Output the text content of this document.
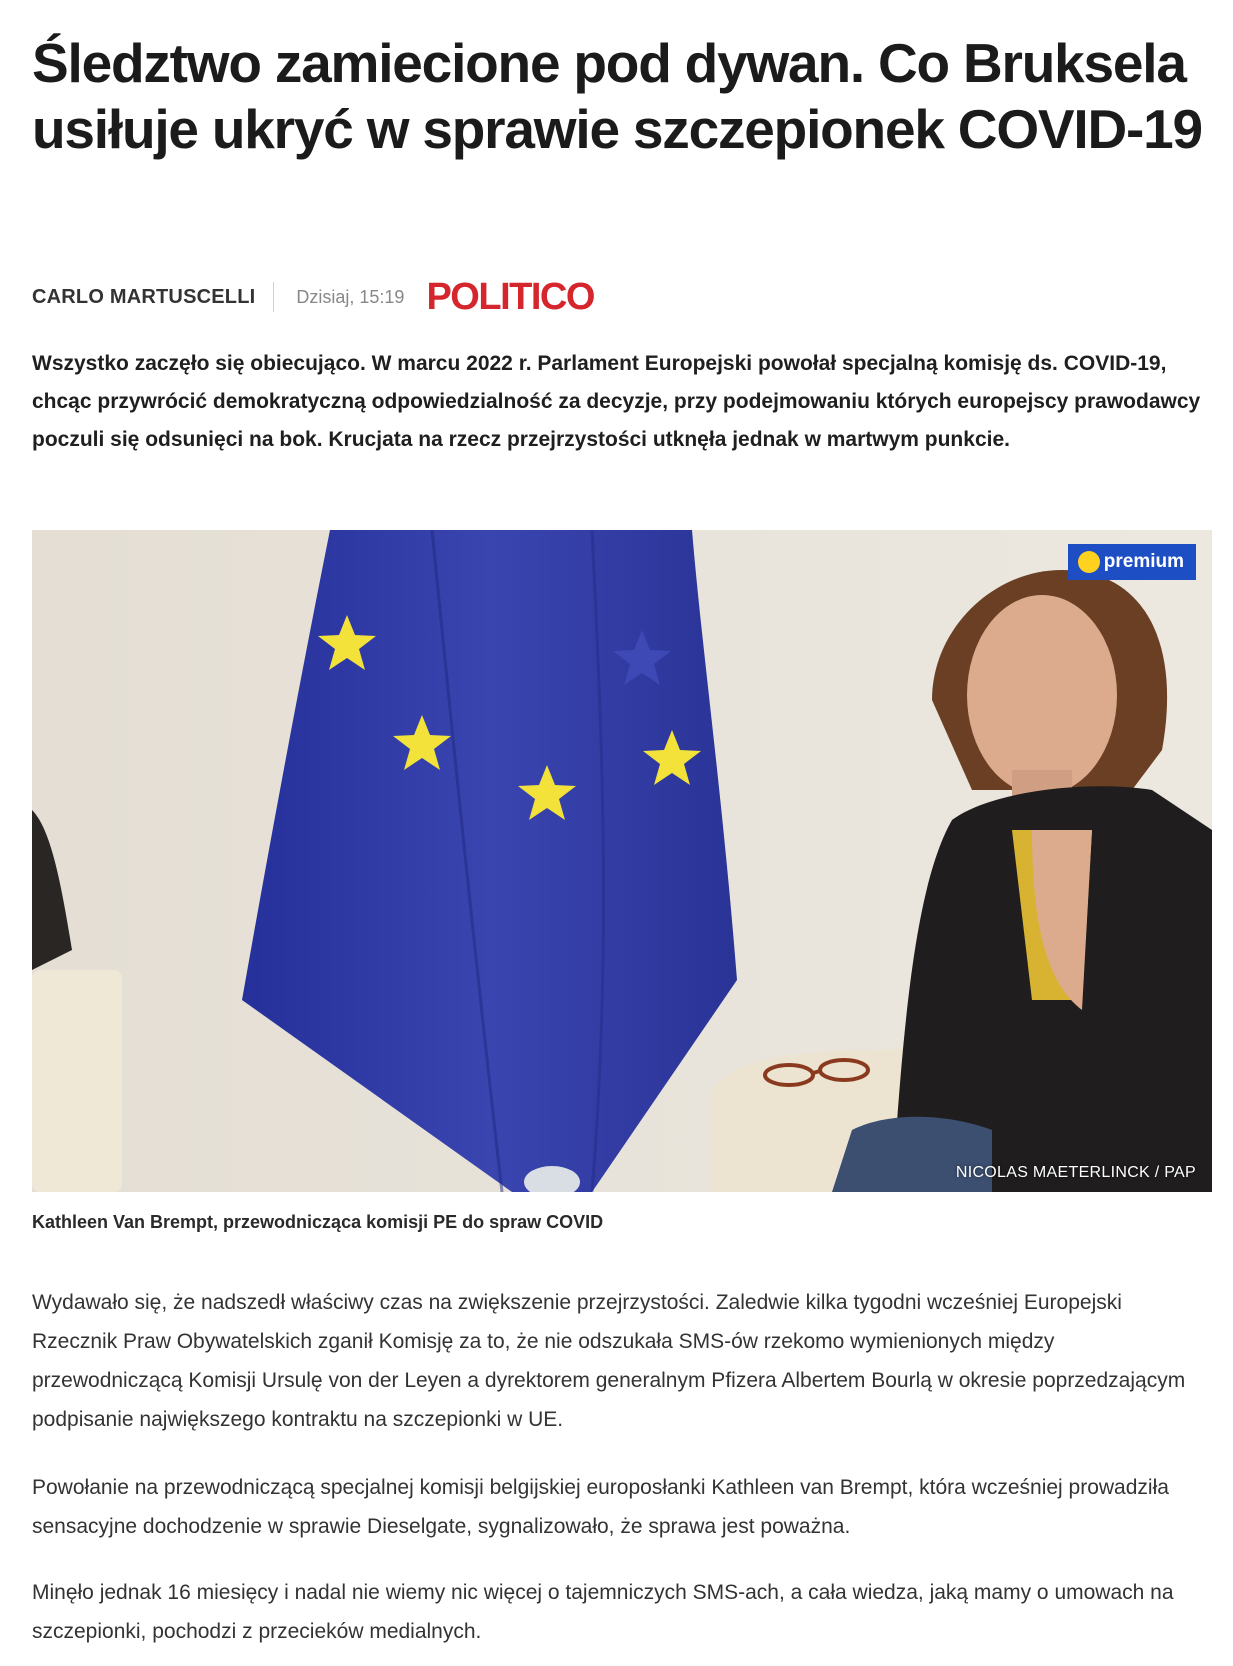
Śledztwo zamiecione pod dywan. Co Bruksela usiłuje ukryć w sprawie szczepionek COVID-19
CARLO MARTUSCELLI Dzisiaj, 15:19 POLITICO

Wszystko zaczęło się obiecująco. W marcu 2022 r. Parlament Europejski powołał specjalną komisję ds. COVID-19, chcąc przywrócić demokratyczną odpowiedzialność za decyzje, przy podejmowaniu których europejscy prawodawcy poczuli się odsunięci na bok. Krucjata na rzecz przejrzystości utknęła jednak w martwym punkcie.

premium
NICOLAS MAETERLINCK / PAP

Kathleen Van Brempt, przewodnicząca komisji PE do spraw COVID

Wydawało się, że nadszedł właściwy czas na zwiększenie przejrzystości. Zaledwie kilka tygodni wcześniej Europejski Rzecznik Praw Obywatelskich zganił Komisję za to, że nie odszukała SMS-ów rzekomo wymienionych między przewodniczącą Komisji Ursulę von der Leyen a dyrektorem generalnym Pfizera Albertem Bourlą w okresie poprzedzającym podpisanie największego kontraktu na szczepionki w UE.

Powołanie na przewodniczącą specjalnej komisji belgijskiej europosłanki Kathleen van Brempt, która wcześniej prowadziła sensacyjne dochodzenie w sprawie Dieselgate, sygnalizowało, że sprawa jest poważna.

Minęło jednak 16 miesięcy i nadal nie wiemy nic więcej o tajemniczych SMS-ach, a cała wiedza, jaką mamy o umowach na szczepionki, pochodzi z przecieków medialnych.
